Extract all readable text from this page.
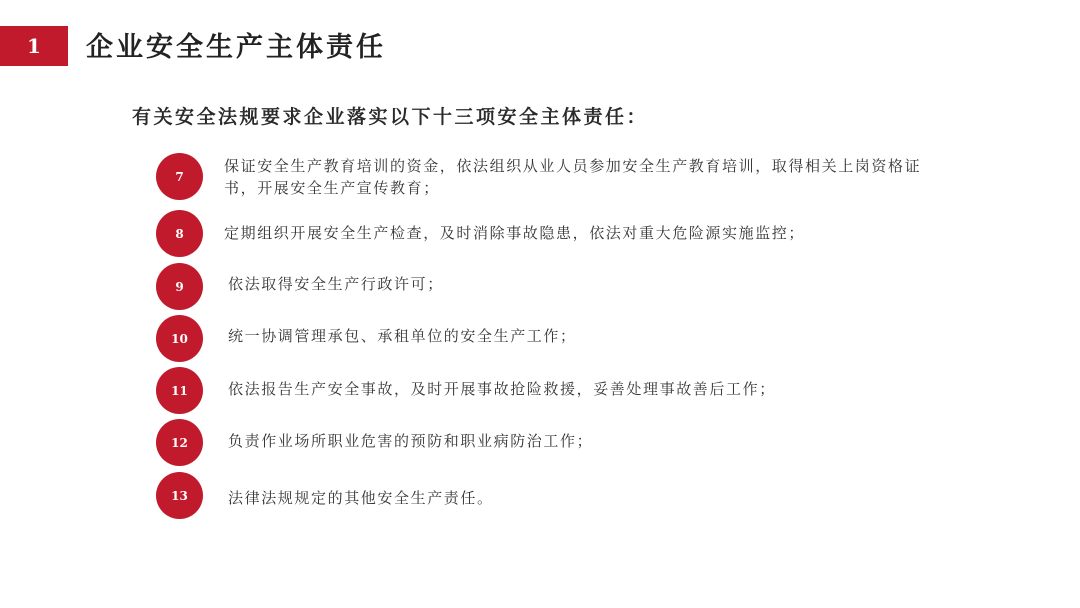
1	企业安全生产主体责任
有关安全法规要求企业落实以下十三项安全主体责任：
7
保证安全生产教育培训的资金，依法组织从业人员参加安全生产教育培训，取得相关上岗资格证书，开展安全生产宣传教育；
8	定期组织开展安全生产检查，及时消除事故隐患，依法对重大危险源实施监控；
9	依法取得安全生产行政许可；
10	统一协调管理承包、承租单位的安全生产工作；
11	依法报告生产安全事故，及时开展事故抢险救援，妥善处理事故善后工作；
12	负责作业场所职业危害的预防和职业病防治工作；
13	法律法规规定的其他安全生产责任。
